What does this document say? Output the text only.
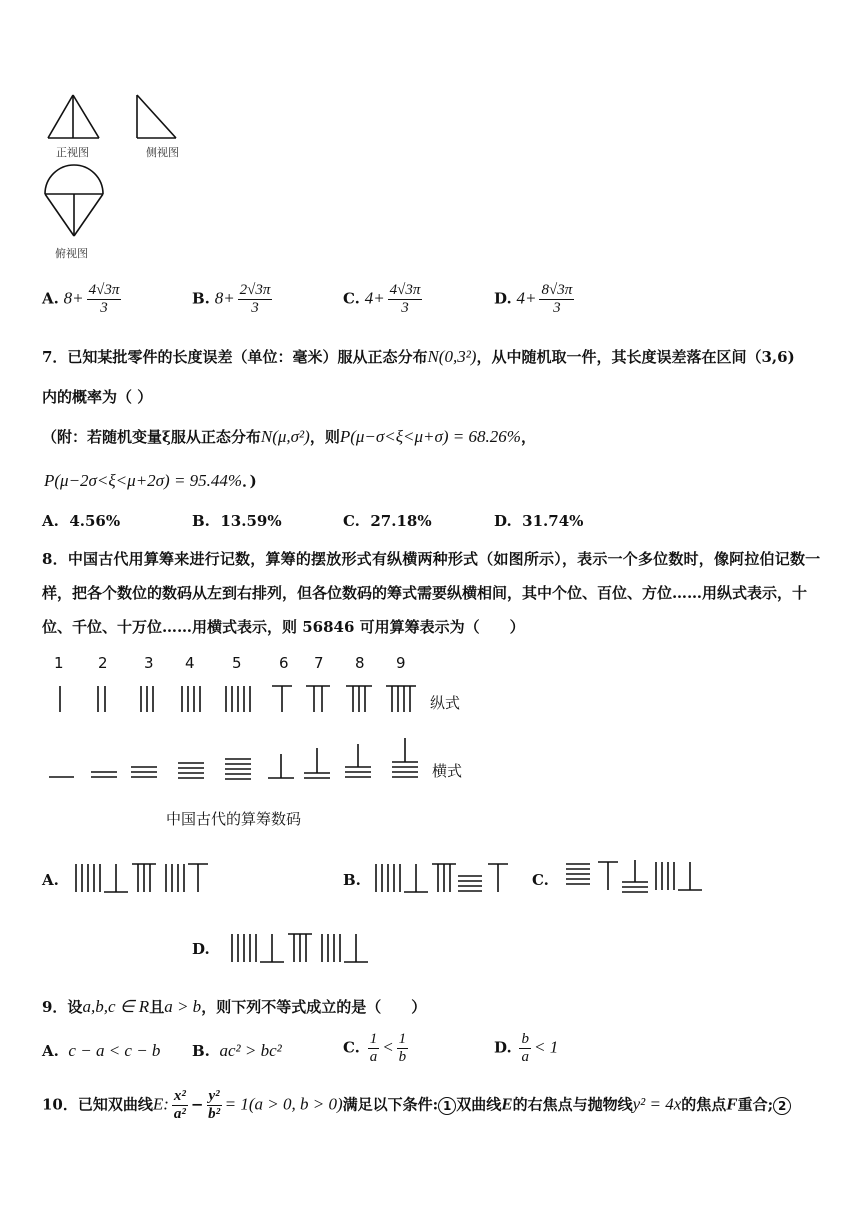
正视图	侧视图
俯视图
A. $8+ \frac{4√3\pi}{3}$	B. $8+ \frac{2√3\pi}{3}$	C. $4+ \frac{4√3\pi}{3}$	D. $4+ \frac{8√3\pi}{3}$
7．已知某批零件的长度误差（单位：毫米）服从正态分布N(0,3²)，从中随机取一件，其长度误差落在区间（3,6)
内的概率为（ ）
（附：若随机变量ξ服从正态分布N(μ,σ²)，则P(μ−σ<ξ<μ+σ) = 68.26%，
P(μ−2σ<ξ<μ+2σ) = 95.44%．)
A. 4.56%	B. 13.59%	C. 27.18%	D. 31.74%
8．中国古代用算筹来进行记数，算筹的摆放形式有纵横两种形式（如图所示），表示一个多位数时，像阿拉伯记数一
样，把各个数位的数码从左到右排列，但各位数码的筹式需要纵横相间，其中个位、百位、方位……用纵式表示，十
位、千位、十万位……用横式表示，则 56846 可用算筹表示为（　　）
1 2 3 4 5 6 7 8 9
纵式
横式
中国古代的算筹数码
A.	B.	C.
D.
9．设a,b,c ∈ R且a > b，则下列不等式成立的是（　　）
A. c − a < c − b B. ac² > bc²	C. $\frac{1}{a} < \frac{1}{b}$	D. $\frac{b}{a} < 1$
10．已知双曲线E: $\frac{\text{x²}}{\text{a²}} - \frac{\text{y²}}{\text{b²}} = 1(a > 0$, b > 0)满足以下条件: 1 双曲线E的右焦点与抛物线y² = 4x的焦点F重合; 2
